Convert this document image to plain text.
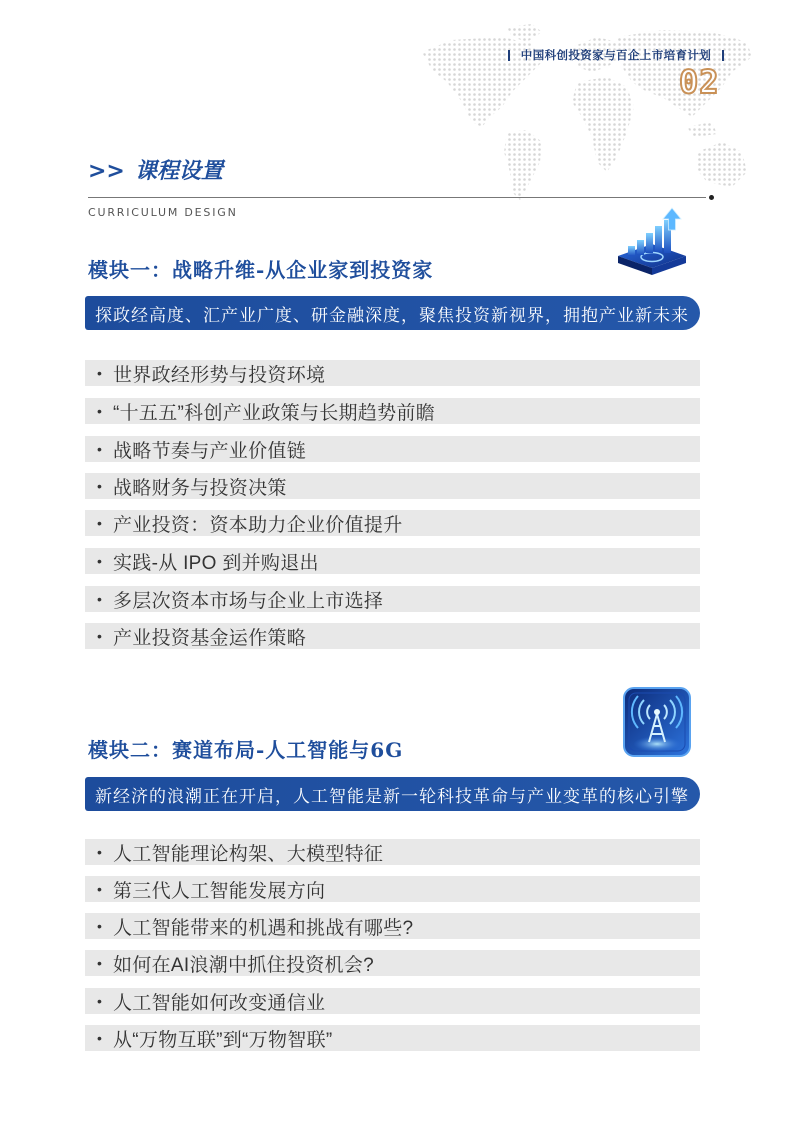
中国科创投资家与百企上市培育计划
02
>> 课程设置
CURRICULUM DESIGN
模块一：战略升维-从企业家到投资家
探政经高度、汇产业广度、研金融深度，聚焦投资新视界，拥抱产业新未来
• 世界政经形势与投资环境
• “十五五”科创产业政策与长期趋势前瞻
• 战略节奏与产业价值链
• 战略财务与投资决策
• 产业投资：资本助力企业价值提升
• 实践-从 IPO 到并购退出
• 多层次资本市场与企业上市选择
• 产业投资基金运作策略
模块二：赛道布局-人工智能与6G
新经济的浪潮正在开启，人工智能是新一轮科技革命与产业变革的核心引擎
• 人工智能理论构架、大模型特征
• 第三代人工智能发展方向
• 人工智能带来的机遇和挑战有哪些?
• 如何在AI浪潮中抓住投资机会?
• 人工智能如何改变通信业
• 从“万物互联”到“万物智联”
